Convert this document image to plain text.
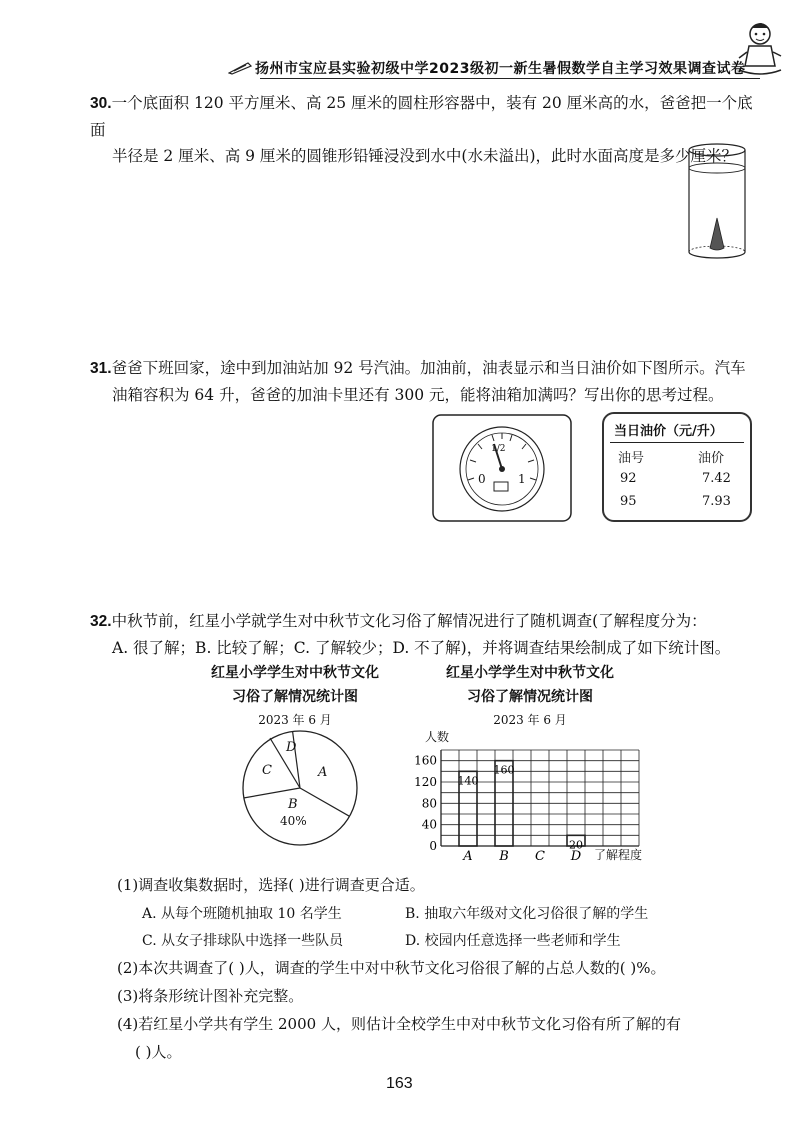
扬州市宝应县实验初级中学2023级初一新生暑假数学自主学习效果调查试卷
30.一个底面积 120 平方厘米、高 25 厘米的圆柱形容器中，装有 20 厘米高的水，爸爸把一个底面
半径是 2 厘米、高 9 厘米的圆锥形铅锤浸没到水中(水未溢出)，此时水面高度是多少厘米？
31.爸爸下班回家，途中到加油站加 92 号汽油。加油前，油表显示和当日油价如下图所示。汽车
油箱容积为 64 升，爸爸的加油卡里还有 300 元，能将油箱加满吗？写出你的思考过程。
0
1/2
1
当日油价（元/升）
油号	油价
92	7.42
95	7.93
32.中秋节前，红星小学就学生对中秋节文化习俗了解情况进行了随机调查(了解程度分为：
A. 很了解；B. 比较了解；C. 了解较少；D. 不了解)，并将调查结果绘制成了如下统计图。
红星小学学生对中秋节文化
习俗了解情况统计图
2023 年 6 月
D
A
C
B
40%
红星小学学生对中秋节文化
习俗了解情况统计图
2023 年 6 月
0
40
80
120
160
A
140
B
160
C D
20
人数
了解程度
(1)调查收集数据时，选择( )进行调查更合适。
A. 从每个班随机抽取 10 名学生	B. 抽取六年级对文化习俗很了解的学生
C. 从女子排球队中选择一些队员	D. 校园内任意选择一些老师和学生
(2)本次共调查了( )人，调查的学生中对中秋节文化习俗很了解的占总人数的( )%。
(3)将条形统计图补充完整。
(4)若红星小学共有学生 2000 人，则估计全校学生中对中秋节文化习俗有所了解的有
( )人。
163
